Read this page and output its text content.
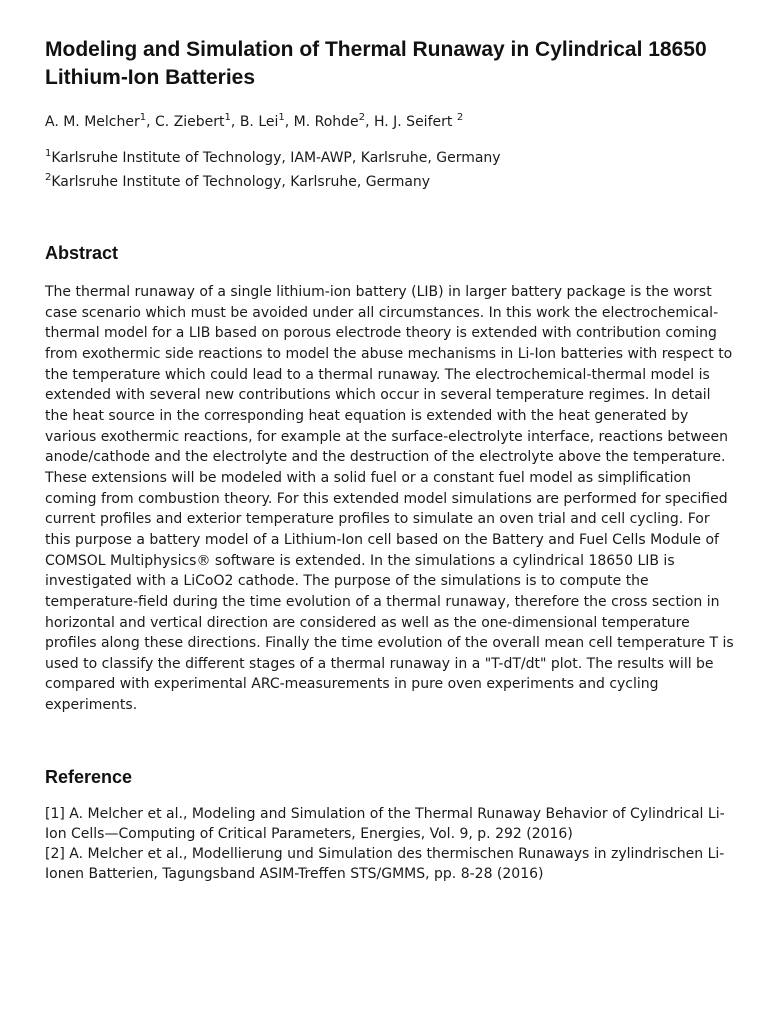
Modeling and Simulation of Thermal Runaway in Cylindrical 18650 Lithium-Ion Batteries
A. M. Melcher$^1$, C. Ziebert$^1$, B. Lei$^1$, M. Rohde$^2$, H. J. Seifert $^2$
$^1$Karlsruhe Institute of Technology, IAM-AWP, Karlsruhe, Germany
$^2$Karlsruhe Institute of Technology, Karlsruhe, Germany
Abstract
The thermal runaway of a single lithium-ion battery (LIB) in larger battery package is the worst case scenario which must be avoided under all circumstances. In this work the electrochemical-thermal model for a LIB based on porous electrode theory is extended with contribution coming from exothermic side reactions to model the abuse mechanisms in Li-Ion batteries with respect to the temperature which could lead to a thermal runaway. The electrochemical-thermal model is extended with several new contributions which occur in several temperature regimes. In detail the heat source in the corresponding heat equation is extended with the heat generated by various exothermic reactions, for example at the surface-electrolyte interface, reactions between anode/cathode and the electrolyte and the destruction of the electrolyte above the temperature. These extensions will be modeled with a solid fuel or a constant fuel model as simplification coming from combustion theory. For this extended model simulations are performed for specified current profiles and exterior temperature profiles to simulate an oven trial and cell cycling. For this purpose a battery model of a Lithium-Ion cell based on the Battery and Fuel Cells Module of COMSOL Multiphysics® software is extended. In the simulations a cylindrical 18650 LIB is investigated with a LiCoO2 cathode. The purpose of the simulations is to compute the temperature-field during the time evolution of a thermal runaway, therefore the cross section in horizontal and vertical direction are considered as well as the one-dimensional temperature profiles along these directions. Finally the time evolution of the overall mean cell temperature T is used to classify the different stages of a thermal runaway in a "T-dT/dt" plot. The results will be compared with experimental ARC-measurements in pure oven experiments and cycling experiments.
Reference
[1] A. Melcher et al., Modeling and Simulation of the Thermal Runaway Behavior of Cylindrical Li-Ion Cells—Computing of Critical Parameters, Energies, Vol. 9, p. 292 (2016)
[2] A. Melcher et al., Modellierung und Simulation des thermischen Runaways in zylindrischen Li-Ionen Batterien, Tagungsband ASIM-Treffen STS/GMMS, pp. 8-28 (2016)
